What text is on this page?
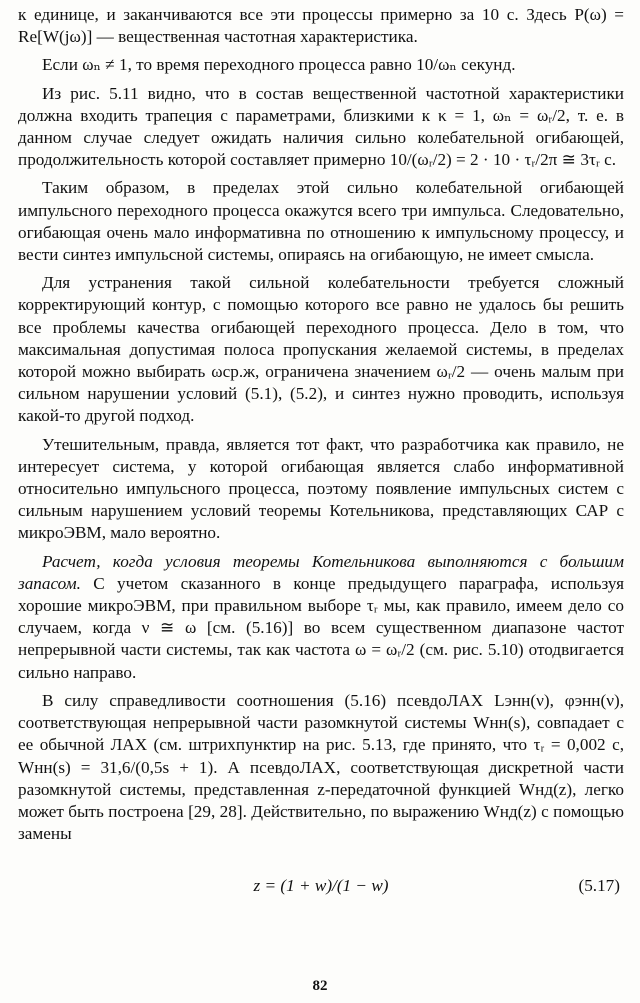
к единице, и заканчиваются все эти процессы примерно за 10 с. Здесь P(ω) = Re[W(jω)] — вещественная частотная характеристика.

Если ωₙ ≠ 1, то время переходного процесса равно 10/ωₙ секунд.

Из рис. 5.11 видно, что в состав вещественной частотной характеристики должна входить трапеция с параметрами, близкими к κ = 1, ωₙ = ωᵣ/2, т. е. в данном случае следует ожидать наличия сильно колебательной огибающей, продолжительность которой составляет примерно 10/(ωᵣ/2) = 2 · 10 · τᵣ/2π ≅ 3τᵣ с.

Таким образом, в пределах этой сильно колебательной огибающей импульсного переходного процесса окажутся всего три импульса. Следовательно, огибающая очень мало информативна по отношению к импульсному процессу, и вести синтез импульсной системы, опираясь на огибающую, не имеет смысла.

Для устранения такой сильной колебательности требуется сложный корректирующий контур, с помощью которого все равно не удалось бы решить все проблемы качества огибающей переходного процесса. Дело в том, что максимальная допустимая полоса пропускания желаемой системы, в пределах которой можно выбирать ωср.ж, ограничена значением ωᵣ/2 — очень малым при сильном нарушении условий (5.1), (5.2), и синтез нужно проводить, используя какой-то другой подход.

Утешительным, правда, является тот факт, что разработчика как правило, не интересует система, у которой огибающая является слабо информативной относительно импульсного процесса, поэтому появление импульсных систем с сильным нарушением условий теоремы Котельникова, представляющих САР с микроЭВМ, мало вероятно.

Расчет, когда условия теоремы Котельникова выполняются с большим запасом. С учетом сказанного в конце предыдущего параграфа, используя хорошие микроЭВМ, при правильном выборе τᵣ мы, как правило, имеем дело со случаем, когда ν ≅ ω [см. (5.16)] во всем существенном диапазоне частот непрерывной части системы, так как частота ω = ωᵣ/2 (см. рис. 5.10) отодвигается сильно направо.

В силу справедливости соотношения (5.16) псевдоЛАХ Lэнн(ν), φэнн(ν), соответствующая непрерывной части разомкнутой системы Wнн(s), совпадает с ее обычной ЛАХ (см. штрихпунктир на рис. 5.13, где принято, что τᵣ = 0,002 с, Wнн(s) = 31,6/(0,5s + 1). А псевдоЛАХ, соответствующая дискретной части разомкнутой системы, представленная z-передаточной функцией Wнд(z), легко может быть построена [29, 28]. Действительно, по выражению Wнд(z) с помощью замены

z = (1 + w)/(1 − w)	(5.17)
82
